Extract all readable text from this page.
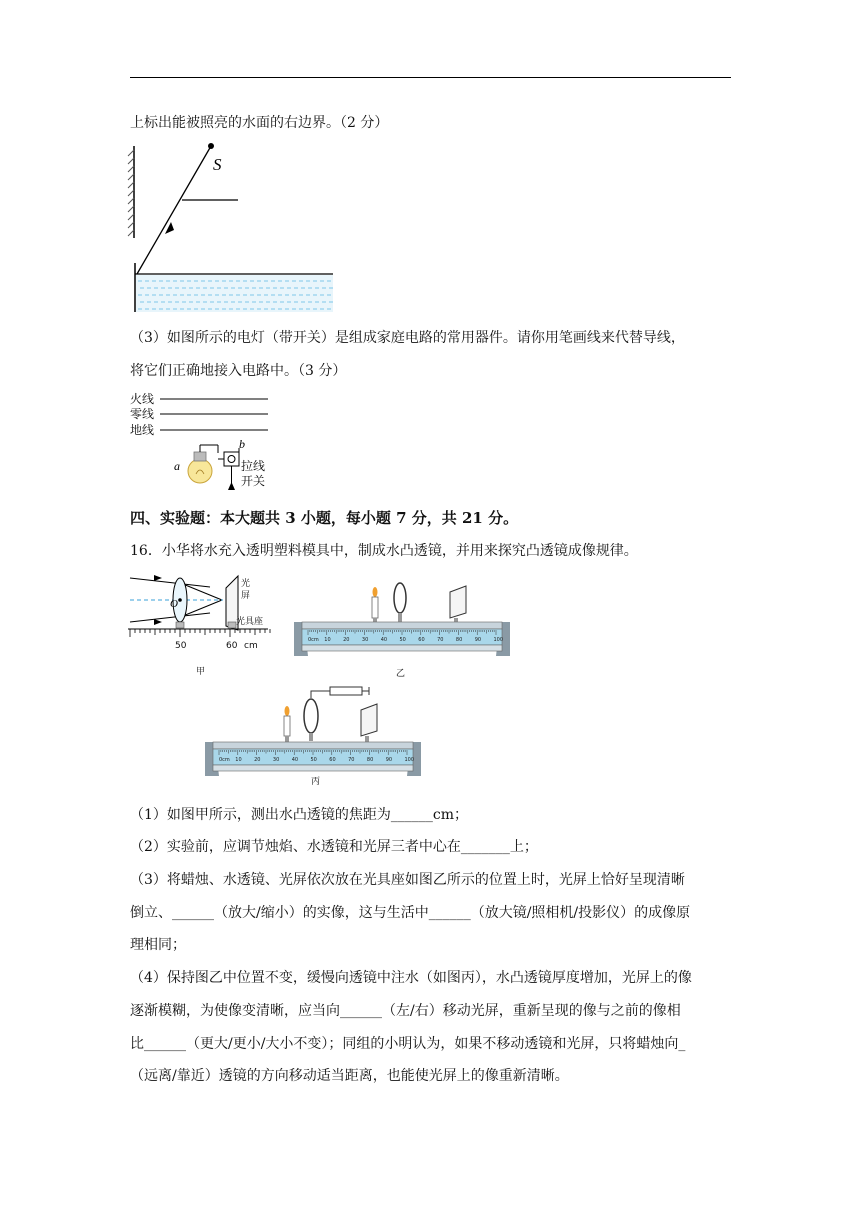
上标出能被照亮的水面的右边界。（2 分）
S
（3）如图所示的电灯（带开关）是组成家庭电路的常用器件。请你用笔画线来代替导线，
将它们正确地接入电路中。（3 分）
火线
零线
地线
a
b
拉线
开关
四、实验题：本大题共 3 小题，每小题 7 分，共 21 分。
16．小华将水充入透明塑料模具中，制成水凸透镜，并用来探究凸透镜成像规律。
光
屏
光具座
O
50	60 cm
甲
0cm 10 20 30 40 50 60 70 80 90 100
乙
0cm 10 20 30 40 50 60 70 80 90 100
丙
（1）如图甲所示，测出水凸透镜的焦距为______cm；
（2）实验前，应调节烛焰、水透镜和光屏三者中心在_______上；
（3）将蜡烛、水透镜、光屏依次放在光具座如图乙所示的位置上时，光屏上恰好呈现清晰
倒立、______（放大/缩小）的实像，这与生活中______（放大镜/照相机/投影仪）的成像原
理相同；
（4）保持图乙中位置不变，缓慢向透镜中注水（如图丙），水凸透镜厚度增加，光屏上的像
逐渐模糊，为使像变清晰，应当向______（左/右）移动光屏，重新呈现的像与之前的像相
比______（更大/更小/大小不变）；同组的小明认为，如果不移动透镜和光屏，只将蜡烛向_
（远离/靠近）透镜的方向移动适当距离，也能使光屏上的像重新清晰。
